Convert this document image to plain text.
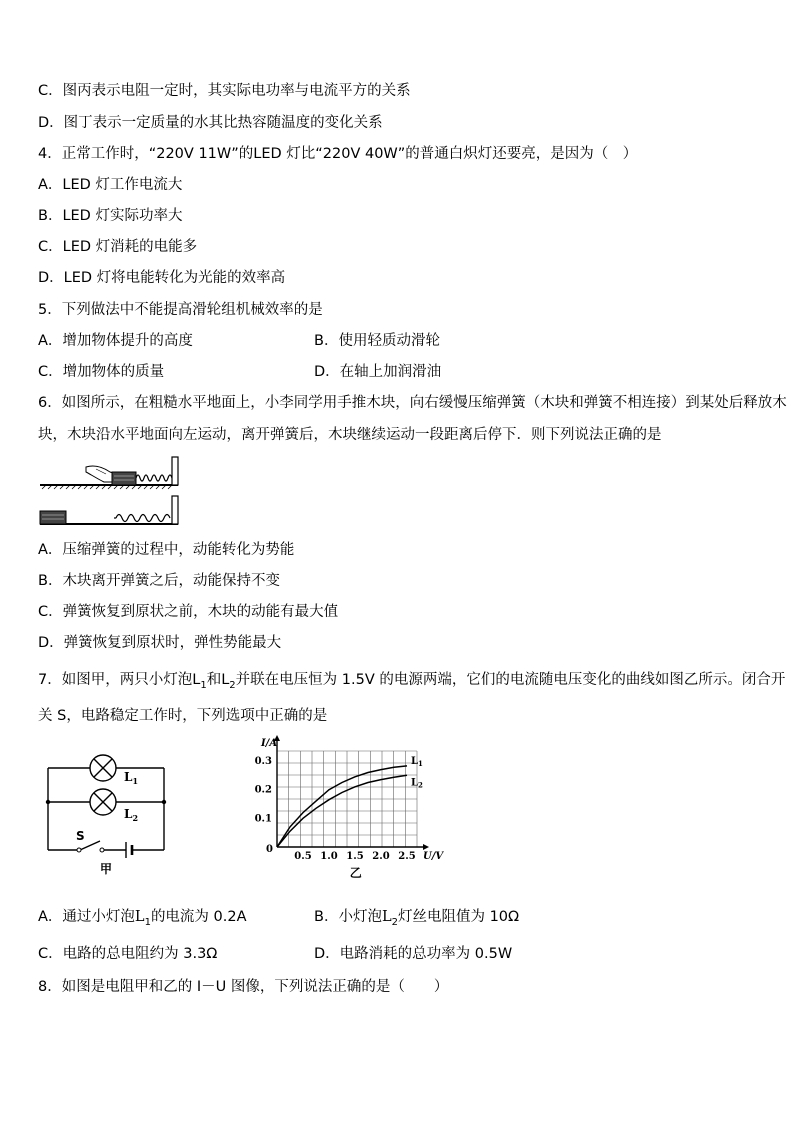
C．图丙表示电阻一定时，其实际电功率与电流平方的关系
D．图丁表示一定质量的水其比热容随温度的变化关系
4．正常工作时，“220V 11W”的LED 灯比“220V 40W”的普通白炽灯还要亮，是因为（　）
A．LED 灯工作电流大
B．LED 灯实际功率大
C．LED 灯消耗的电能多
D．LED 灯将电能转化为光能的效率高
5．下列做法中不能提高滑轮组机械效率的是
A．增加物体提升的高度	B．使用轻质动滑轮
C．增加物体的质量	D．在轴上加润滑油
6．如图所示，在粗糙水平地面上，小李同学用手推木块，向右缓慢压缩弹簧（木块和弹簧不相连接）到某处后释放木
块，木块沿水平地面向左运动，离开弹簧后，木块继续运动一段距离后停下．则下列说法正确的是
A．压缩弹簧的过程中，动能转化为势能
B．木块离开弹簧之后，动能保持不变
C．弹簧恢复到原状之前，木块的动能有最大值
D．弹簧恢复到原状时，弹性势能最大
7．如图甲，两只小灯泡$L_1$和$L_2$并联在电压恒为 1.5V 的电源两端，它们的电流随电压变化的曲线如图乙所示。闭合开
关 S，电路稳定工作时，下列选项中正确的是
$L_1$
$L_2$
S
甲
0.5 1.0 1.5 2.0 2.5
0.1
0.2
0.3
0
I/A
U/V
$L_1$
$L_2$
乙
A．通过小灯泡$L_1$的电流为 0.2A	B．小灯泡$L_2$灯丝电阻值为 10Ω
C．电路的总电阻约为 3.3Ω	D．电路消耗的总功率为 0.5W
8．如图是电阻甲和乙的 I－U 图像，下列说法正确的是（　　）
